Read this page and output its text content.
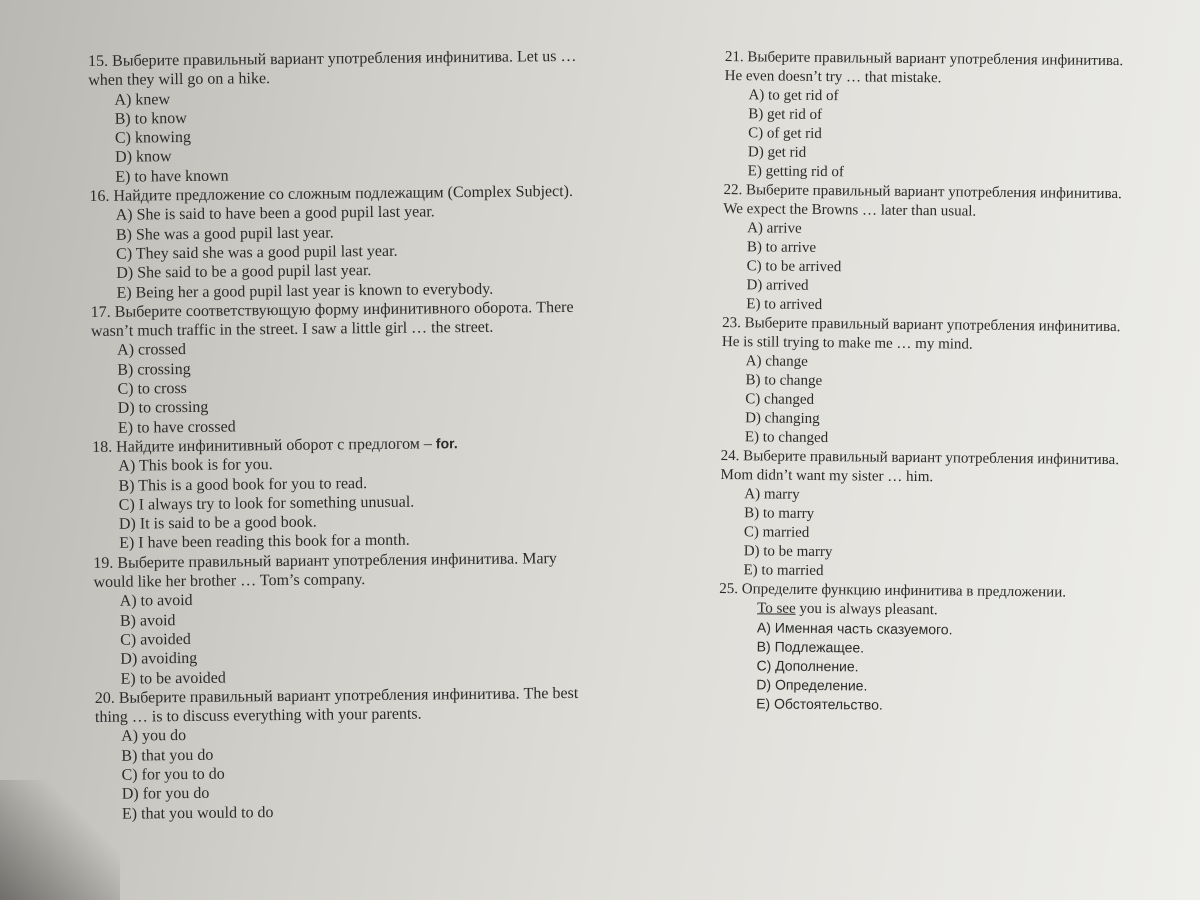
15. Выберите правильный вариант употребления инфинитива. Let us …

when they will go on a hike.

A) knew

B) to know

C) knowing

D) know

E) to have known

16. Найдите предложение со сложным подлежащим (Complex Subject).

A) She is said to have been a good pupil last year.

B) She was a good pupil last year.

C) They said she was a good pupil last year.

D) She said to be a good pupil last year.

E) Being her a good pupil last year is known to everybody.

17. Выберите соответствующую форму инфинитивного оборота. There

wasn’t much traffic in the street. I saw a little girl … the street.

A) crossed

B) crossing

C) to cross

D) to crossing

E) to have crossed

18. Найдите инфинитивный оборот с предлогом – for.

A) This book is for you.

B) This is a good book for you to read.

C) I always try to look for something unusual.

D) It is said to be a good book.

E) I have been reading this book for a month.

19. Выберите правильный вариант употребления инфинитива. Mary

would like her brother … Tom’s company.

A) to avoid

B) avoid

C) avoided

D) avoiding

E) to be avoided

20. Выберите правильный вариант употребления инфинитива. The best

thing … is to discuss everything with your parents.

A) you do

B) that you do

C) for you to do

D) for you do

E) that you would to do

21. Выберите правильный вариант употребления инфинитива.

He even doesn’t try … that mistake.

A) to get rid of

B) get rid of

C) of get rid

D) get rid

E) getting rid of

22. Выберите правильный вариант употребления инфинитива.

We expect the Browns … later than usual.

A) arrive

B) to arrive

C) to be arrived

D) arrived

E) to arrived

23. Выберите правильный вариант употребления инфинитива.

He is still trying to make me … my mind.

A) change

B) to change

C) changed

D) changing

E) to changed

24. Выберите правильный вариант употребления инфинитива.

Mom didn’t want my sister … him.

A) marry

B) to marry

C) married

D) to be marry

E) to married

25. Определите функцию инфинитива в предложении.

To see you is always pleasant.

A) Именная часть сказуемого.

B) Подлежащее.

C) Дополнение.

D) Определение.

E) Обстоятельство.
